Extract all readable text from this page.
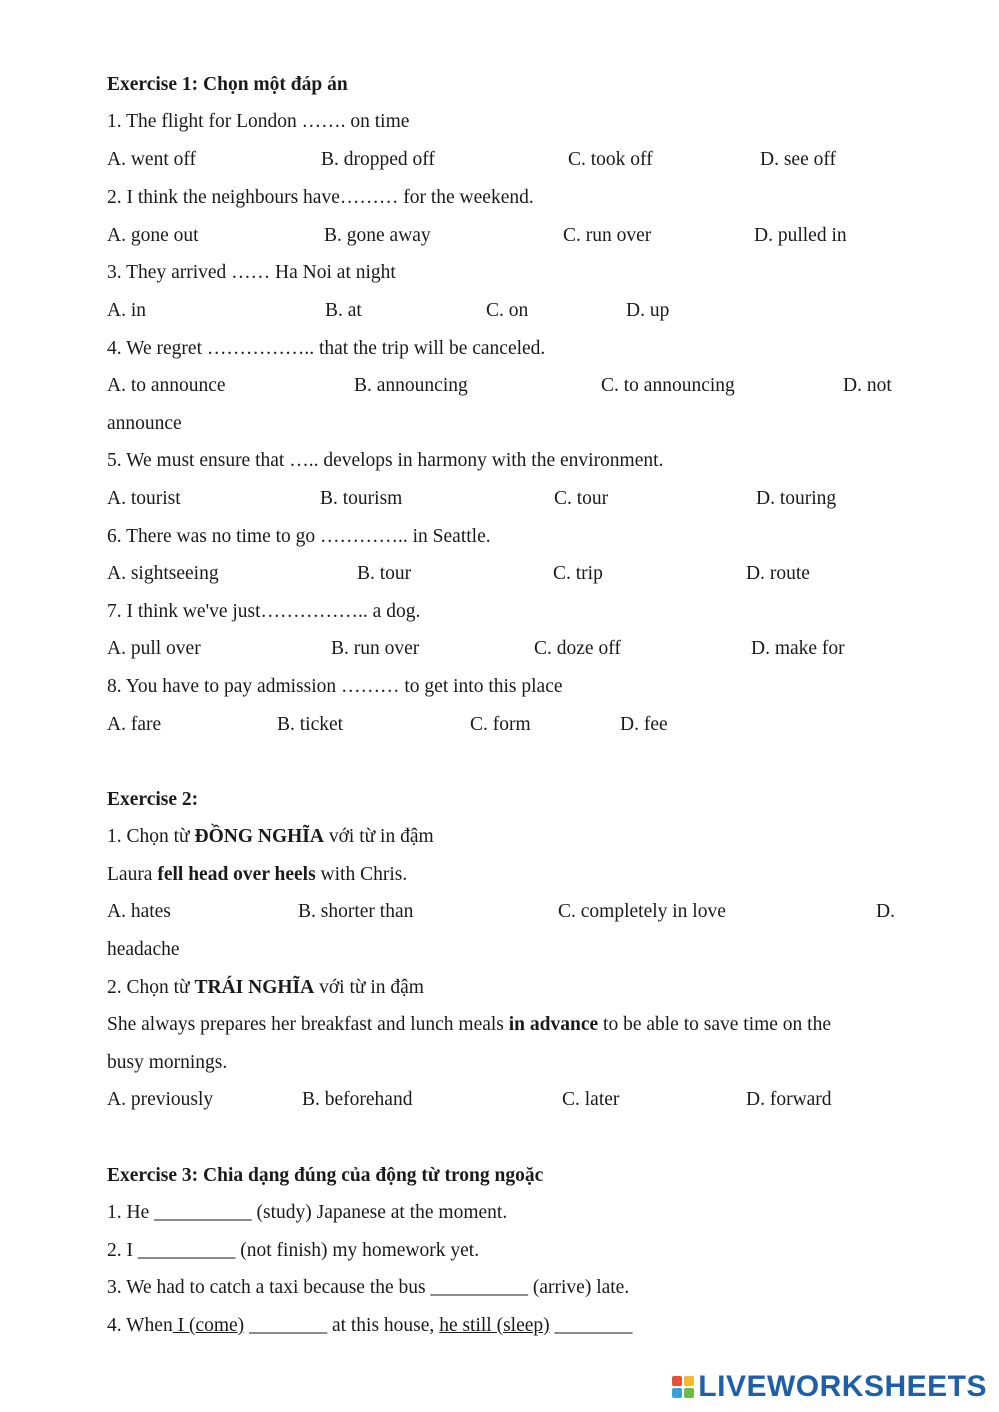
Exercise 1: Chọn một đáp án
1. The flight for London ……. on time
A. went off	B. dropped off	C. took off	D. see off
2. I think the neighbours have……… for the weekend.
A. gone out	B. gone away	C. run over	D. pulled in
3. They arrived …… Ha Noi at night
A. in	B. at	C. on	D. up
4. We regret …………….. that the trip will be canceled.
A. to announce	B. announcing	C. to announcing	D. not
announce
5. We must ensure that ….. develops in harmony with the environment.
A. tourist	B. tourism	C. tour	D. touring
6. There was no time to go ………….. in Seattle.
A. sightseeing	B. tour	C. trip	D. route
7. I think we've just…………….. a dog.
A. pull over	B. run over	C. doze off	D. make for
8. You have to pay admission ……… to get into this place
A. fare	B. ticket	C. form	D. fee
Exercise 2:
1. Chọn từ ĐỒNG NGHĨA với từ in đậm
Laura fell head over heels with Chris.
A. hates	B. shorter than	C. completely in love	D.
headache
2. Chọn từ TRÁI NGHĨA với từ in đậm
She always prepares her breakfast and lunch meals in advance to be able to save time on the
busy mornings.
A. previously	B. beforehand	C. later	D. forward
Exercise 3: Chia dạng đúng của động từ trong ngoặc
1. He __________ (study) Japanese at the moment.
2. I __________ (not finish) my homework yet.
3. We had to catch a taxi because the bus __________ (arrive) late.
4. When I (come) ________ at this house, he still (sleep) ________
LIVEWORKSHEETS
